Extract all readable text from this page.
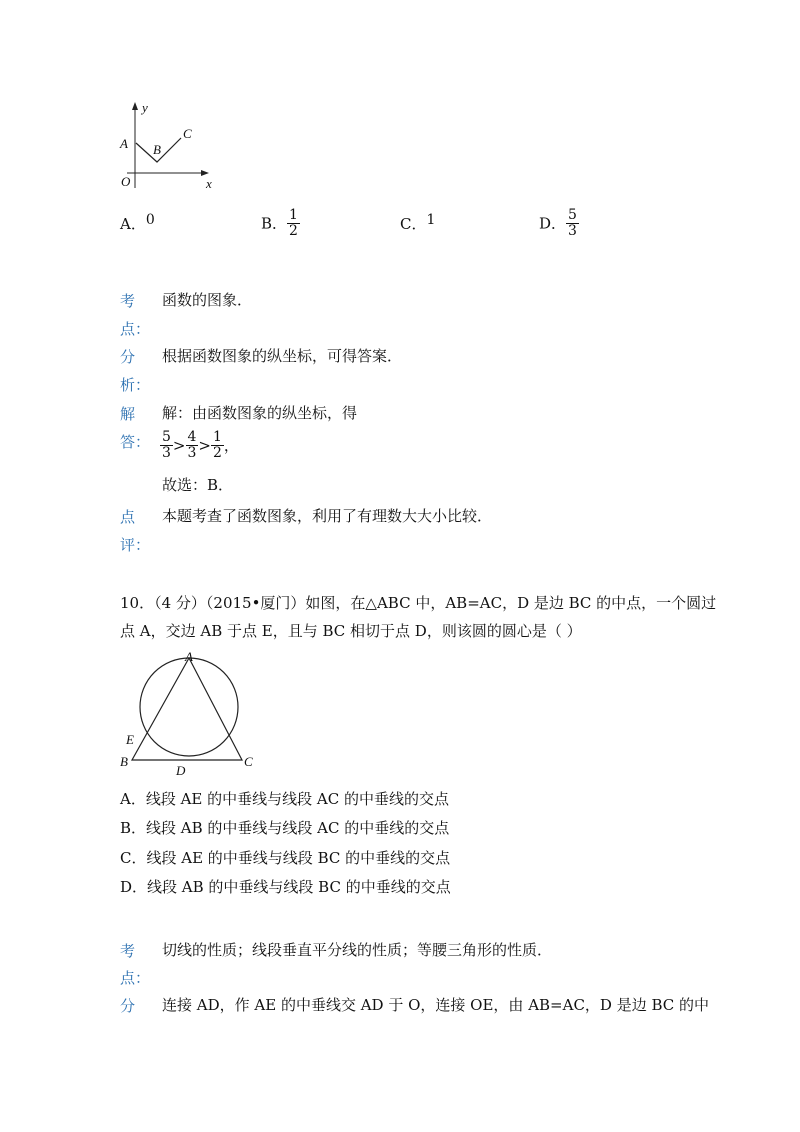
y
x
O
A B
C
A．0	B． $\frac{1}{2}$	C．1	D． $\frac{5}{3}$
考
点：
函数的图象．
分
析：
根据函数图象的纵坐标，可得答案．
解
答：
解：由函数图象的纵坐标，得
$\frac{5}{3} > \frac{4}{3} > \frac{1}{2}$ ，
故选：B．
点
评：
本题考查了函数图象，利用了有理数大大小比较．
10．（4 分）（2015•厦门）如图，在△ABC 中，AB=AC，D 是边 BC 的中点，一个圆过
点 A，交边 AB 于点 E，且与 BC 相切于点 D，则该圆的圆心是（ ）
A
B	C
D
E
A．线段 AE 的中垂线与线段 AC 的中垂线的交点
B．线段 AB 的中垂线与线段 AC 的中垂线的交点
C．线段 AE 的中垂线与线段 BC 的中垂线的交点
D．线段 AB 的中垂线与线段 BC 的中垂线的交点
考
点：
切线的性质；线段垂直平分线的性质；等腰三角形的性质．
分 连接 AD，作 AE 的中垂线交 AD 于 O，连接 OE，由 AB=AC，D 是边 BC 的中
